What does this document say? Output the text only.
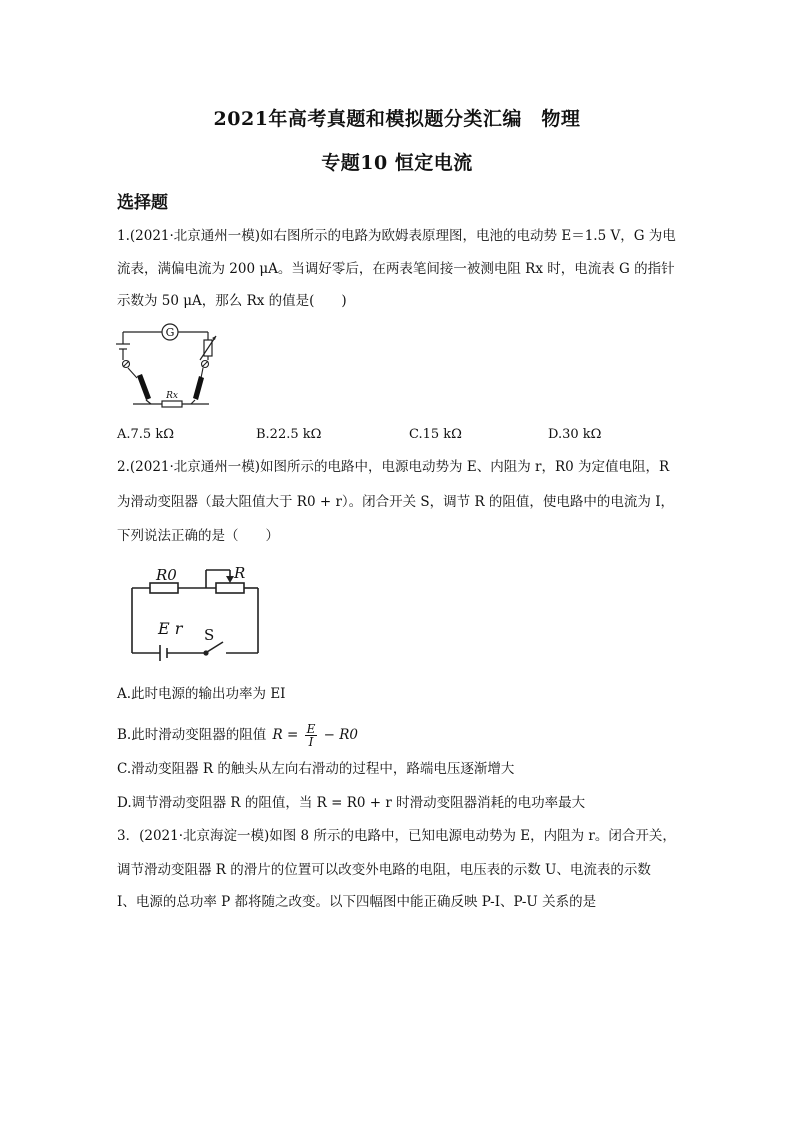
2021年高考真题和模拟题分类汇编　物理
专题10 恒定电流
选择题
1.(2021·北京通州一模)如右图所示的电路为欧姆表原理图，电池的电动势 E＝1.5 V，G 为电
流表，满偏电流为 200 μA。当调好零后，在两表笔间接一被测电阻 Rx 时，电流表 G 的指针
示数为 50 μA，那么 Rx 的值是(　　)
G
Rx
A.7.5 kΩ	B.22.5 kΩ	C.15 kΩ	D.30 kΩ
2.(2021·北京通州一模)如图所示的电路中，电源电动势为 E、内阻为 r，R0 为定值电阻，R
为滑动变阻器（最大阻值大于 R0 + r）。闭合开关 S，调节 R 的阻值，使电路中的电流为 I，
下列说法正确的是（　　）
R0	R
E r S
A.此时电源的输出功率为 EI
B.此时滑动变阻器的阻值 $R = \frac{E}{I} - R0$
C.滑动变阻器 R 的触头从左向右滑动的过程中，路端电压逐渐增大
D.调节滑动变阻器 R 的阻值，当 R = R0 + r 时滑动变阻器消耗的电功率最大
3．(2021·北京海淀一模)如图 8 所示的电路中，已知电源电动势为 E，内阻为 r。闭合开关，
调节滑动变阻器 R 的滑片的位置可以改变外电路的电阻，电压表的示数 U、电流表的示数
I、电源的总功率 P 都将随之改变。以下四幅图中能正确反映 P-I、P-U 关系的是
